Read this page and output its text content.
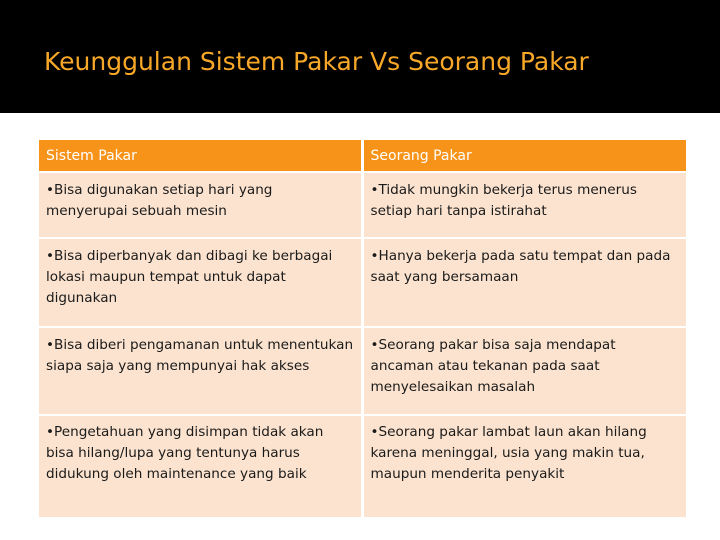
Keunggulan Sistem Pakar Vs Seorang Pakar
Sistem Pakar	Seorang Pakar
•Bisa digunakan setiap hari yang menyerupai sebuah mesin	•Tidak mungkin bekerja terus menerus setiap hari tanpa istirahat
•Bisa diperbanyak dan dibagi ke berbagai lokasi maupun tempat untuk dapat digunakan	•Hanya bekerja pada satu tempat dan pada saat yang bersamaan
•Bisa diberi pengamanan untuk menentukan siapa saja yang mempunyai hak akses	•Seorang pakar bisa saja mendapat ancaman atau tekanan pada saat menyelesaikan masalah
•Pengetahuan yang disimpan tidak akan bisa hilang/lupa yang tentunya harus didukung oleh maintenance yang baik	•Seorang pakar lambat laun akan hilang karena meninggal, usia yang makin tua, maupun menderita penyakit
